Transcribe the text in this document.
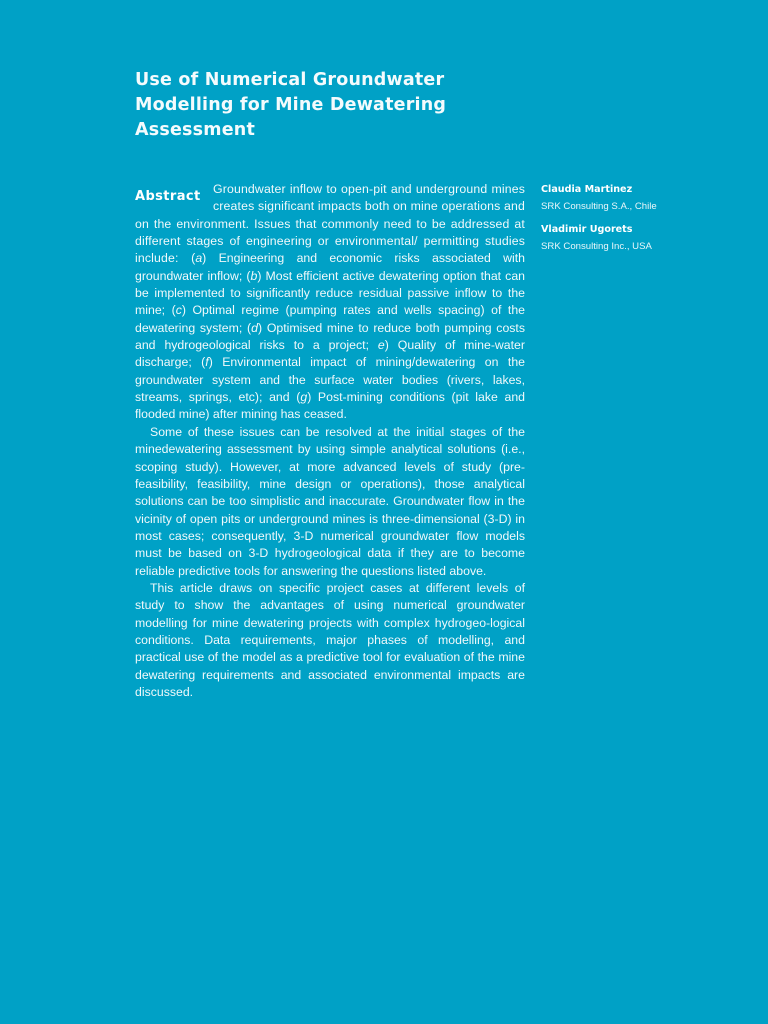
Use of Numerical Groundwater Modelling for Mine Dewatering Assessment

Abstract	Groundwater inflow to open-pit and underground mines creates significant impacts both on mine operations and on the environment. Issues that commonly need to be addressed at different stages of engineering or environmental/ permitting studies include: (a) Engineering and economic risks associated with groundwater inflow; (b) Most efficient active dewatering option that can be implemented to significantly reduce residual passive inflow to the mine; (c) Optimal regime (pumping rates and wells spacing) of the dewatering system; (d) Optimised mine to reduce both pumping costs and hydrogeological risks to a project; e) Quality of mine-water discharge; (f) Environmental impact of mining/dewatering on the groundwater system and the surface water bodies (rivers, lakes, streams, springs, etc); and (g) Post-mining conditions (pit lake and flooded mine) after mining has ceased.

Some of these issues can be resolved at the initial stages of the minedewatering assessment by using simple analytical solutions (i.e., scoping study). However, at more advanced levels of study (pre-feasibility, feasibility, mine design or operations), those analytical solutions can be too simplistic and inaccurate. Groundwater flow in the vicinity of open pits or underground mines is three-dimensional (3-D) in most cases; consequently, 3-D numerical groundwater flow models must be based on 3-D hydrogeological data if they are to become reliable predictive tools for answering the questions listed above.

This article draws on specific project cases at different levels of study to show the advantages of using numerical groundwater modelling for mine dewatering projects with complex hydrogeo-logical conditions. Data requirements, major phases of modelling, and practical use of the model as a predictive tool for evaluation of the mine dewatering requirements and associated environmental impacts are discussed.

Claudia Martinez
SRK Consulting S.A., Chile
Vladimir Ugorets
SRK Consulting Inc., USA
